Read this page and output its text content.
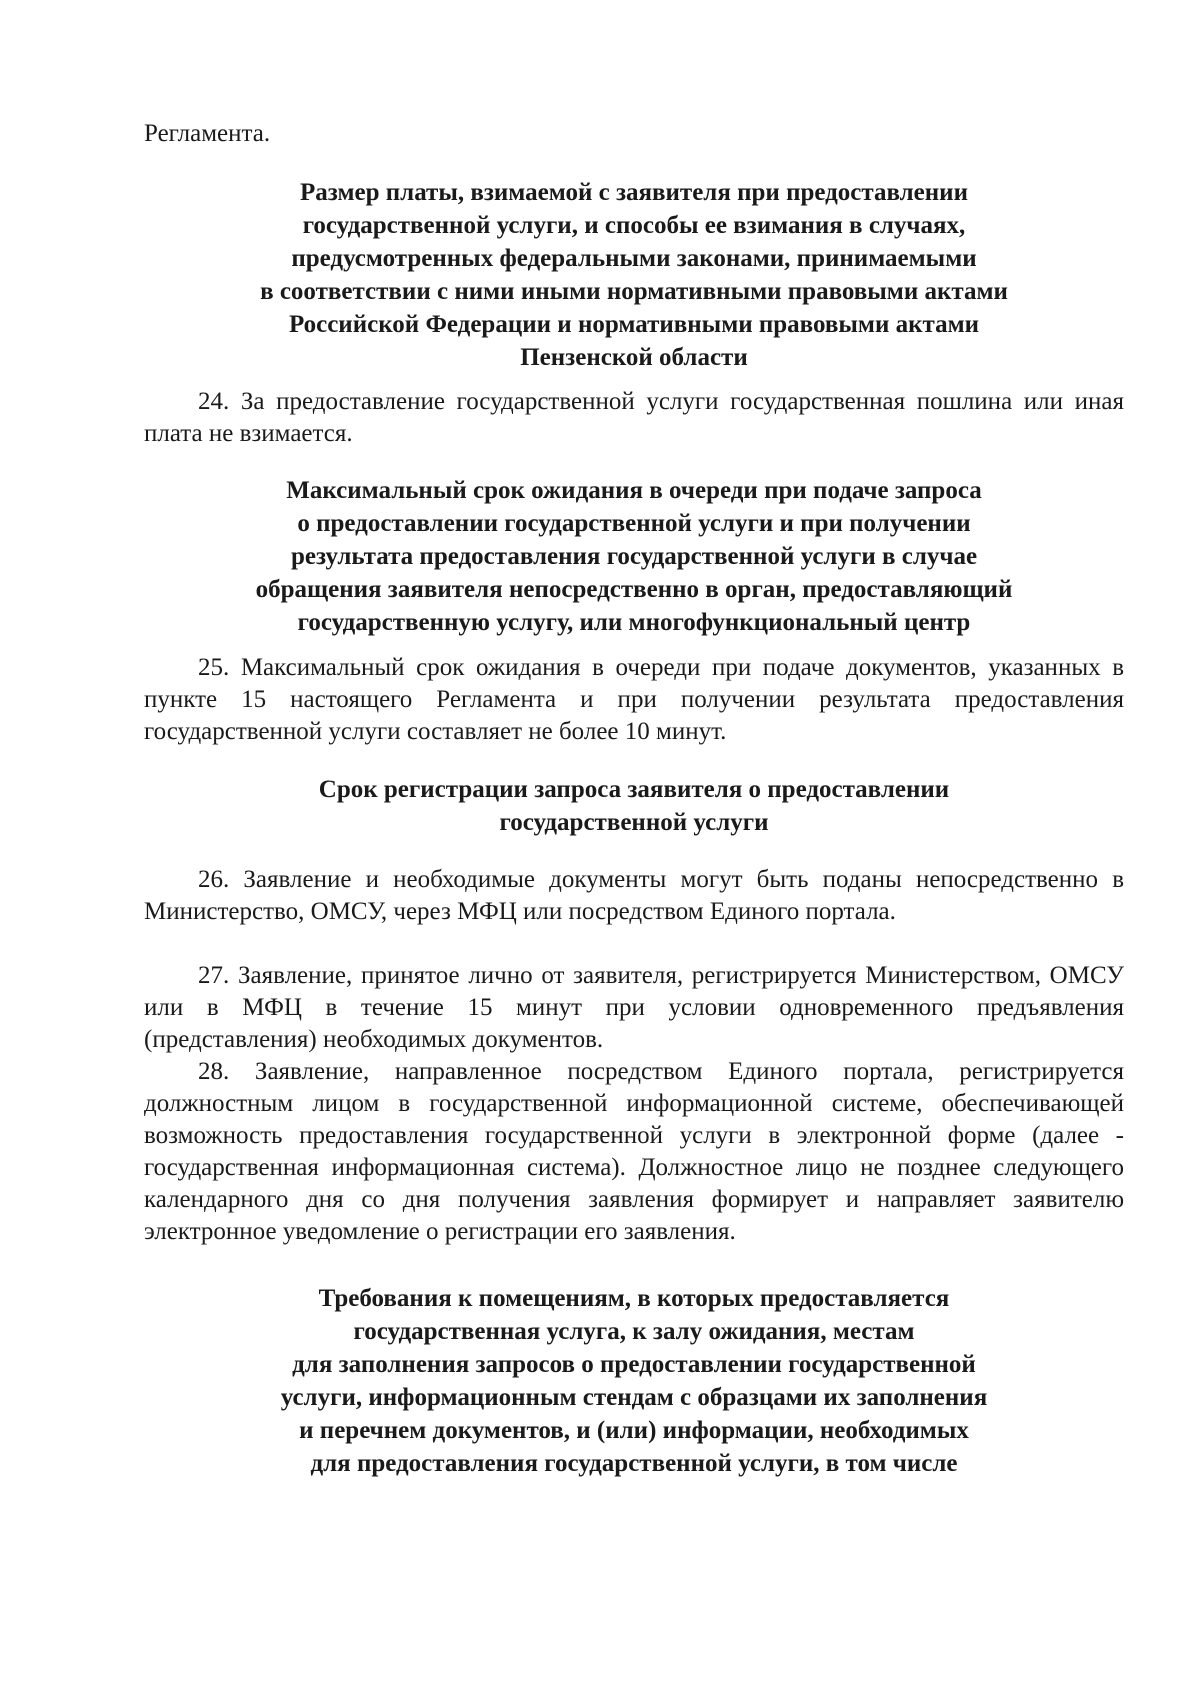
Регламента.

Размер платы, взимаемой с заявителя при предоставлении
государственной услуги, и способы ее взимания в случаях,
предусмотренных федеральными законами, принимаемыми
в соответствии с ними иными нормативными правовыми актами
Российской Федерации и нормативными правовыми актами
Пензенской области

24. За предоставление государственной услуги государственная пошлина или иная плата не взимается.

Максимальный срок ожидания в очереди при подаче запроса
о предоставлении государственной услуги и при получении
результата предоставления государственной услуги в случае
обращения заявителя непосредственно в орган, предоставляющий
государственную услугу, или многофункциональный центр

25. Максимальный срок ожидания в очереди при подаче документов, указанных в пункте 15 настоящего Регламента и при получении результата предоставления государственной услуги составляет не более 10 минут.

Срок регистрации запроса заявителя о предоставлении
государственной услуги

26. Заявление и необходимые документы могут быть поданы непосредственно в Министерство, ОМСУ, через МФЦ или посредством Единого портала.

27. Заявление, принятое лично от заявителя, регистрируется Министерством, ОМСУ или в МФЦ в течение 15 минут при условии одновременного предъявления (представления) необходимых документов.

28. Заявление, направленное посредством Единого портала, регистрируется должностным лицом в государственной информационной системе, обеспечивающей возможность предоставления государственной услуги в электронной форме (далее - государственная информационная система). Должностное лицо не позднее следующего календарного дня со дня получения заявления формирует и направляет заявителю электронное уведомление о регистрации его заявления.

Требования к помещениям, в которых предоставляется
государственная услуга, к залу ожидания, местам
для заполнения запросов о предоставлении государственной
услуги, информационным стендам с образцами их заполнения
и перечнем документов, и (или) информации, необходимых
для предоставления государственной услуги, в том числе
